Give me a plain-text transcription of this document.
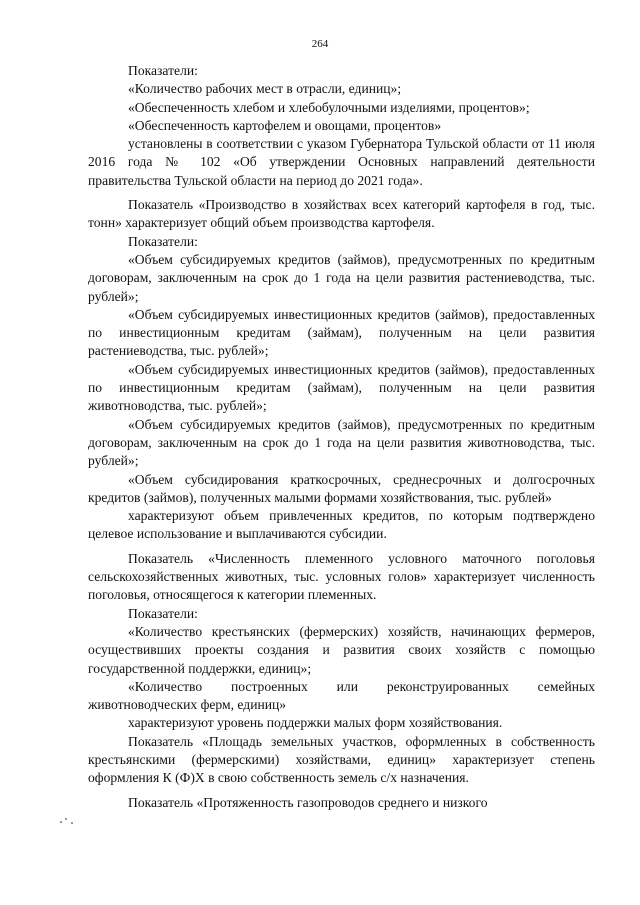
264

Показатели:

«Количество рабочих мест в отрасли, единиц»;

«Обеспеченность хлебом и хлебобулочными изделиями, процентов»;

«Обеспеченность картофелем и овощами, процентов»

установлены в соответствии с указом Губернатора Тульской области от 11 июля 2016 года № 102 «Об утверждении Основных направлений деятельности правительства Тульской области на период до 2021 года».

Показатель «Производство в хозяйствах всех категорий картофеля в год, тыс. тонн» характеризует общий объем производства картофеля.

Показатели:

«Объем субсидируемых кредитов (займов), предусмотренных по кредитным договорам, заключенным на срок до 1 года на цели развития растениеводства, тыс. рублей»;

«Объем субсидируемых инвестиционных кредитов (займов), предоставленных по инвестиционным кредитам (займам), полученным на цели развития растениеводства, тыс. рублей»;

«Объем субсидируемых инвестиционных кредитов (займов), предоставленных по инвестиционным кредитам (займам), полученным на цели развития животноводства, тыс. рублей»;

«Объем субсидируемых кредитов (займов), предусмотренных по кредитным договорам, заключенным на срок до 1 года на цели развития животноводства, тыс. рублей»;

«Объем субсидирования краткосрочных, среднесрочных и долгосрочных кредитов (займов), полученных малыми формами хозяйствования, тыс. рублей»

характеризуют объем привлеченных кредитов, по которым подтверждено целевое использование и выплачиваются субсидии.

Показатель «Численность племенного условного маточного поголовья сельскохозяйственных животных, тыс. условных голов» характеризует численность поголовья, относящегося к категории племенных.

Показатели:

«Количество крестьянских (фермерских) хозяйств, начинающих фермеров, осуществивших проекты создания и развития своих хозяйств с помощью государственной поддержки, единиц»;

«Количество построенных или реконструированных семейных животноводческих ферм, единиц»

характеризуют уровень поддержки малых форм хозяйствования.

Показатель «Площадь земельных участков, оформленных в собственность крестьянскими (фермерскими) хозяйствами, единиц» характеризует степень оформления К (Ф)Х в свою собственность земель с/х назначения.

Показатель «Протяженность газопроводов среднего и низкого
